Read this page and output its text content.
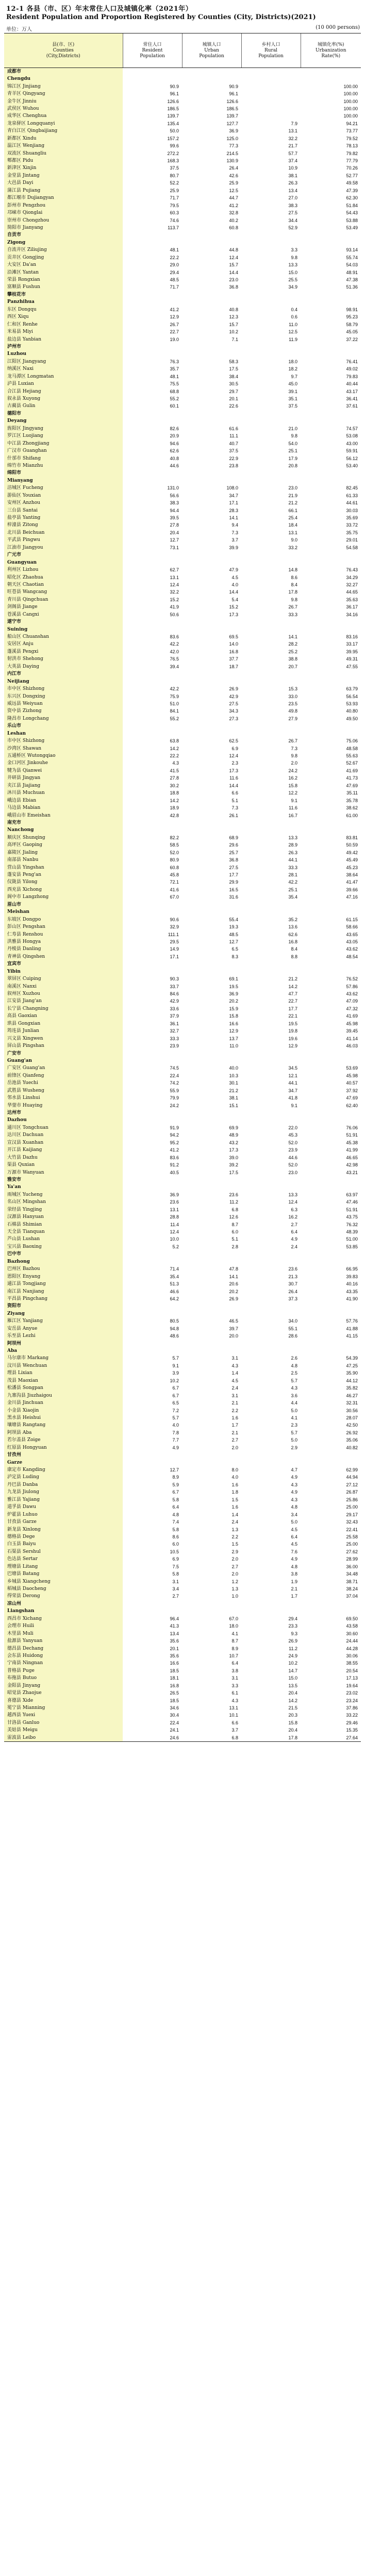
12-1 各县（市、区）年末常住人口及城镇化率（2021年）
Resident Population and Proportion Registered by Counties (City, Districts)(2021)
单位：万人	(10 000 persons)
县(市、区)
Counties
(City,Districts)	常住人口
Resident
Population	城镇人口
Urban
Population	乡村人口
Rural
Population	城镇化率(%)
Urbanization
Rate(%)
成都市				
Chengdu				
锦江区 Jinjiang	90.9	90.9		100.00
青羊区 Qingyang	96.1	96.1		100.00
金牛区 Jinniu	126.6	126.6		100.00
武侯区 Wuhou	186.5	186.5		100.00
成华区 Chenghua	139.7	139.7		100.00
龙泉驿区 Longquanyi	135.4	127.7	7.9	94.21
青白江区 Qingbaijiang	50.0	36.9	13.1	73.77
新都区 Xindu	157.2	125.0	32.2	79.52
温江区 Wenjiang	99.6	77.3	21.7	78.13
双流区 Shuangliu	272.2	214.5	57.7	79.82
郫都区 Pidu	168.3	130.9	37.4	77.79
新津区 Xinjin	37.5	26.4	10.9	70.26
金堂县 Jintang	80.7	42.6	38.1	52.77
大邑县 Dayi	52.2	25.9	26.3	49.58
蒲江县 Pujiang	25.9	12.5	13.4	47.39
都江堰市 Dujiangyan	71.7	44.7	27.0	62.30
彭州市 Pengzhou	79.5	41.2	38.3	51.84
邛崃市 Qionglai	60.3	32.8	27.5	54.43
崇州市 Chongzhou	74.6	40.2	34.4	53.88
简阳市 Jianyang	113.7	60.8	52.9	53.49
自贡市				
Zigong				
自流井区 Ziliujing	48.1	44.8	3.3	93.14
贡井区 Gongjing	22.2	12.4	9.8	55.74
大安区 Da'an	29.0	15.7	13.3	54.03
沿滩区 Yantan	29.4	14.4	15.0	48.91
荣县 Rongxian	48.5	23.0	25.5	47.38
富顺县 Fushun	71.7	36.8	34.9	51.36
攀枝花市				
Panzhihua				
东区 Dongqu	41.2	40.8	0.4	98.91
西区 Xiqu	12.9	12.3	0.6	95.23
仁和区 Renhe	26.7	15.7	11.0	58.79
米易县 Miyi	22.7	10.2	12.5	45.05
盐边县 Yanbian	19.0	7.1	11.9	37.22
泸州市				
Luzhou				
江阳区 Jiangyang	76.3	58.3	18.0	76.41
纳溪区 Naxi	35.7	17.5	18.2	49.02
龙马潭区 Longmatan	48.1	38.4	9.7	79.83
泸县 Luxian	75.5	30.5	45.0	40.44
合江县 Hejiang	68.8	29.7	39.1	43.17
叙永县 Xuyong	55.2	20.1	35.1	36.41
古蔺县 Gulin	60.1	22.6	37.5	37.61
德阳市				
Deyang				
旌阳区 Jingyang	82.6	61.6	21.0	74.57
罗江区 Luojiang	20.9	11.1	9.8	53.08
中江县 Zhongjiang	94.6	40.7	54.0	43.00
广汉市 Guanghan	62.6	37.5	25.1	59.91
什邡市 Shifang	40.8	22.9	17.9	56.12
绵竹市 Mianzhu	44.6	23.8	20.8	53.40
绵阳市				
Mianyang				
涪城区 Fucheng	131.0	108.0	23.0	82.45
游仙区 Youxian	56.6	34.7	21.9	61.33
安州区 Anzhou	38.3	17.1	21.2	44.61
三台县 Santai	94.4	28.3	66.1	30.03
盐亭县 Yanting	39.5	14.1	25.4	35.69
梓潼县 Zitong	27.8	9.4	18.4	33.72
北川县 Beichuan	20.4	7.3	13.1	35.75
平武县 Pingwu	12.7	3.7	9.0	29.01
江油市 Jiangyou	73.1	39.9	33.2	54.58
广元市				
Guangyuan				
利州区 Lizhou	62.7	47.9	14.8	76.43
昭化区 Zhaohua	13.1	4.5	8.6	34.29
朝天区 Chaotian	12.4	4.0	8.4	32.27
旺苍县 Wangcang	32.2	14.4	17.8	44.65
青川县 Qingchuan	15.2	5.4	9.8	35.63
剑阁县 Jiange	41.9	15.2	26.7	36.17
苍溪县 Cangxi	50.6	17.3	33.3	34.16
遂宁市				
Suining				
船山区 Chuanshan	83.6	69.5	14.1	83.16
安居区 Anju	42.2	14.0	28.2	33.17
蓬溪县 Pengxi	42.0	16.8	25.2	39.95
射洪市 Shehong	76.5	37.7	38.8	49.31
大英县 Daying	39.4	18.7	20.7	47.55
内江市				
Neijiang				
市中区 Shizhong	42.2	26.9	15.3	63.79
东兴区 Dongxing	75.9	42.9	33.0	56.54
威远县 Weiyuan	51.0	27.5	23.5	53.93
资中县 Zizhong	84.1	34.3	49.8	40.80
隆昌市 Longchang	55.2	27.3	27.9	49.50
乐山市				
Leshan				
市中区 Shizhong	63.8	62.5	26.7	75.06
沙湾区 Shawan	14.2	6.9	7.3	48.58
五通桥区 Wutongqiao	22.2	12.4	9.8	55.63
金口河区 Jinkouhe	4.3	2.3	2.0	52.67
犍为县 Qianwei	41.5	17.3	24.2	41.69
井研县 Jingyan	27.8	11.6	16.2	41.73
夹江县 Jiajiang	30.2	14.4	15.8	47.69
沐川县 Muchuan	18.8	6.6	12.2	35.11
峨边县 Ebian	14.2	5.1	9.1	35.78
马边县 Mabian	18.9	7.3	11.6	38.62
峨眉山市 Emeishan	42.8	26.1	16.7	61.00
南充市				
Nanchong				
顺庆区 Shunqing	82.2	68.9	13.3	83.81
高坪区 Gaoping	58.5	29.6	28.9	50.59
嘉陵区 Jialing	52.0	25.7	26.3	49.42
南部县 Nanbu	80.9	36.8	44.1	45.49
营山县 Yingshan	60.8	27.5	33.3	45.23
蓬安县 Peng'an	45.8	17.7	28.1	38.64
仪陇县 Yilong	72.1	29.9	42.2	41.47
西充县 Xichong	41.6	16.5	25.1	39.66
阆中市 Langzhong	67.0	31.6	35.4	47.16
眉山市				
Meishan				
东坡区 Dongpo	90.6	55.4	35.2	61.15
彭山区 Pengshan	32.9	19.3	13.6	58.66
仁寿县 Renshou	111.1	48.5	62.6	43.65
洪雅县 Hongya	29.5	12.7	16.8	43.05
丹棱县 Danling	14.9	6.5	8.4	43.62
青神县 Qingshen	17.1	8.3	8.8	48.54
宜宾市				
Yibin				
翠屏区 Cuiping	90.3	69.1	21.2	76.52
南溪区 Nanxi	33.7	19.5	14.2	57.86
叙州区 Xuzhou	84.6	36.9	47.7	43.62
江安县 Jiang'an	42.9	20.2	22.7	47.09
长宁县 Changning	33.6	15.9	17.7	47.32
高县 Gaoxian	37.9	15.8	22.1	41.69
珙县 Gongxian	36.1	16.6	19.5	45.98
筠连县 Junlian	32.7	12.9	19.8	39.45
兴文县 Xingwen	33.3	13.7	19.6	41.14
屏山县 Pingshan	23.9	11.0	12.9	46.03
广安市				
Guang'an				
广安区 Guang'an	74.5	40.0	34.5	53.69
前锋区 Qianfeng	22.4	10.3	12.1	45.98
岳池县 Yuechi	74.2	30.1	44.1	40.57
武胜县 Wusheng	55.9	21.2	34.7	37.92
邻水县 Linshui	79.9	38.1	41.8	47.69
华蓥市 Huaying	24.2	15.1	9.1	62.40
达州市				
Dazhou				
通川区 Tongchuan	91.9	69.9	22.0	76.06
达川区 Dachuan	94.2	48.9	45.3	51.91
宣汉县 Xuanhan	95.2	43.2	52.0	45.38
开江县 Kaijiang	41.2	17.3	23.9	41.99
大竹县 Dazhu	83.6	39.0	44.6	46.65
渠县 Quxian	91.2	39.2	52.0	42.98
万源市 Wanyuan	40.5	17.5	23.0	43.21
雅安市				
Ya'an				
雨城区 Yucheng	36.9	23.6	13.3	63.97
名山区 Mingshan	23.6	11.2	12.4	47.46
荥经县 Yingjing	13.1	6.8	6.3	51.91
汉源县 Hanyuan	28.8	12.6	16.2	43.75
石棉县 Shimian	11.4	8.7	2.7	76.32
天全县 Tianquan	12.4	6.0	6.4	48.39
芦山县 Lushan	10.0	5.1	4.9	51.00
宝兴县 Baoxing	5.2	2.8	2.4	53.85
巴中市				
Bazhong				
巴州区 Bazhou	71.4	47.8	23.6	66.95
恩阳区 Enyang	35.4	14.1	21.3	39.83
通江县 Tongjiang	51.3	20.6	30.7	40.16
南江县 Nanjiang	46.6	20.2	26.4	43.35
平昌县 Pingchang	64.2	26.9	37.3	41.90
资阳市				
Ziyang				
雁江区 Yanjiang	80.5	46.5	34.0	57.76
安岳县 Anyue	94.8	39.7	55.1	41.88
乐至县 Lezhi	48.6	20.0	28.6	41.15
阿坝州				
Aba				
马尔康市 Markang	5.7	3.1	2.6	54.39
汶川县 Wenchuan	9.1	4.3	4.8	47.25
理县 Lixian	3.9	1.4	2.5	35.90
茂县 Maoxian	10.2	4.5	5.7	44.12
松潘县 Songpan	6.7	2.4	4.3	35.82
九寨沟县 Jiuzhaigou	6.7	3.1	3.6	46.27
金川县 Jinchuan	6.5	2.1	4.4	32.31
小金县 Xiaojin	7.2	2.2	5.0	30.56
黑水县 Heishui	5.7	1.6	4.1	28.07
壤塘县 Rangtang	4.0	1.7	2.3	42.50
阿坝县 Aba	7.8	2.1	5.7	26.92
若尔盖县 Zoige	7.7	2.7	5.0	35.06
红原县 Hongyuan	4.9	2.0	2.9	40.82
甘孜州				
Garze				
康定市 Kangding	12.7	8.0	4.7	62.99
泸定县 Luding	8.9	4.0	4.9	44.94
丹巴县 Danba	5.9	1.6	4.3	27.12
九龙县 Jiulong	6.7	1.8	4.9	26.87
雅江县 Yajiang	5.8	1.5	4.3	25.86
道孚县 Dawu	6.4	1.6	4.8	25.00
炉霍县 Luhuo	4.8	1.4	3.4	29.17
甘孜县 Garze	7.4	2.4	5.0	32.43
新龙县 Xinlong	5.8	1.3	4.5	22.41
德格县 Dege	8.6	2.2	6.4	25.58
白玉县 Baiyu	6.0	1.5	4.5	25.00
石渠县 Sershul	10.5	2.9	7.6	27.62
色达县 Sertar	6.9	2.0	4.9	28.99
理塘县 Litang	7.5	2.7	4.8	36.00
巴塘县 Batang	5.8	2.0	3.8	34.48
乡城县 Xiangcheng	3.1	1.2	1.9	38.71
稻城县 Daocheng	3.4	1.3	2.1	38.24
得荣县 Derong	2.7	1.0	1.7	37.04
凉山州				
Liangshan				
西昌市 Xichang	96.4	67.0	29.4	69.50
会理市 Huili	41.3	18.0	23.3	43.58
木里县 Muli	13.4	4.1	9.3	30.60
盐源县 Yanyuan	35.6	8.7	26.9	24.44
德昌县 Dechang	20.1	8.9	11.2	44.28
会东县 Huidong	35.6	10.7	24.9	30.06
宁南县 Ningnan	16.6	6.4	10.2	38.55
普格县 Puge	18.5	3.8	14.7	20.54
布拖县 Butuo	18.1	3.1	15.0	17.13
金阳县 Jinyang	16.8	3.3	13.5	19.64
昭觉县 Zhaojue	26.5	6.1	20.4	23.02
喜德县 Xide	18.5	4.3	14.2	23.24
冕宁县 Mianning	34.6	13.1	21.5	37.86
越西县 Yuexi	30.4	10.1	20.3	33.22
甘洛县 Ganluo	22.4	6.6	15.8	29.46
美姑县 Meigu	24.1	3.7	20.4	15.35
雷波县 Leibo	24.6	6.8	17.8	27.64
